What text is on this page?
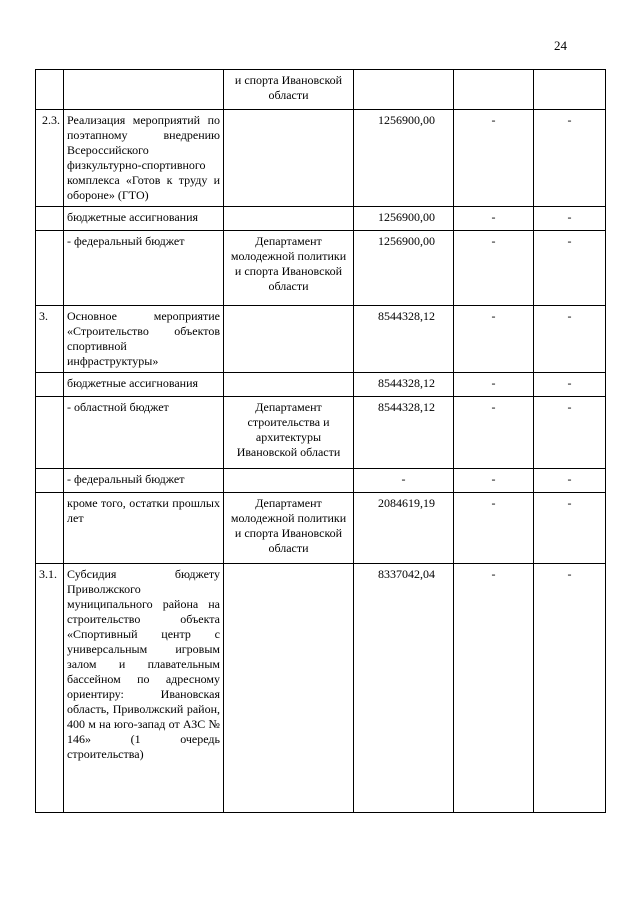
24
		и спорта Ивановской области			
2.3.	Реализация мероприятий по поэтапному внедрению Всероссийского физкультурно-спортивного комплекса «Готов к труду и обороне» (ГТО)		1256900,00	-	-
	бюджетные ассигнования		1256900,00	-	-
	- федеральный бюджет	Департамент молодежной политики и спорта Ивановской области	1256900,00	-	-
3.	Основное мероприятие «Строительство объектов спортивной инфраструктуры»		8544328,12	-	-
	бюджетные ассигнования		8544328,12	-	-
	- областной бюджет	Департамент строительства и архитектуры Ивановской области	8544328,12	-	-
	- федеральный бюджет		-	-	-
	кроме того, остатки прошлых лет	Департамент молодежной политики и спорта Ивановской области	2084619,19	-	-
3.1.	Субсидия бюджету Приволжского муниципального района на строительство объекта «Спортивный центр с универсальным игровым залом и плавательным бассейном по адресному ориентиру: Ивановская область, Приволжский район, 400 м на юго-запад от АЗС № 146» (1 очередь строительства)		8337042,04	-	-
